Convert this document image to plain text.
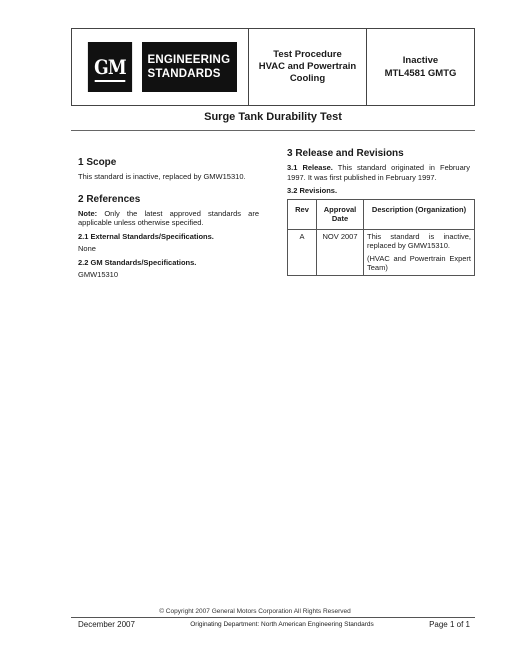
GM ENGINEERING
STANDARDS
Test Procedure
HVAC and Powertrain
Cooling
Inactive
MTL4581 GMTG
Surge Tank Durability Test
1 Scope

This standard is inactive, replaced by GMW15310.

2 References

Note: Only the latest approved standards are applicable unless otherwise specified.

2.1 External Standards/Specifications.

None

2.2 GM Standards/Specifications.

GMW15310

3 Release and Revisions

3.1 Release. This standard originated in February 1997. It was first published in February 1997.

3.2 Revisions.
Rev	Approval Date	Description (Organization)
A	NOV 2007	This standard is inactive, replaced by GMW15310.
(HVAC and Powertrain Expert Team)
© Copyright 2007 General Motors Corporation All Rights Reserved
December 2007	Originating Department: North American Engineering Standards	Page 1 of 1
